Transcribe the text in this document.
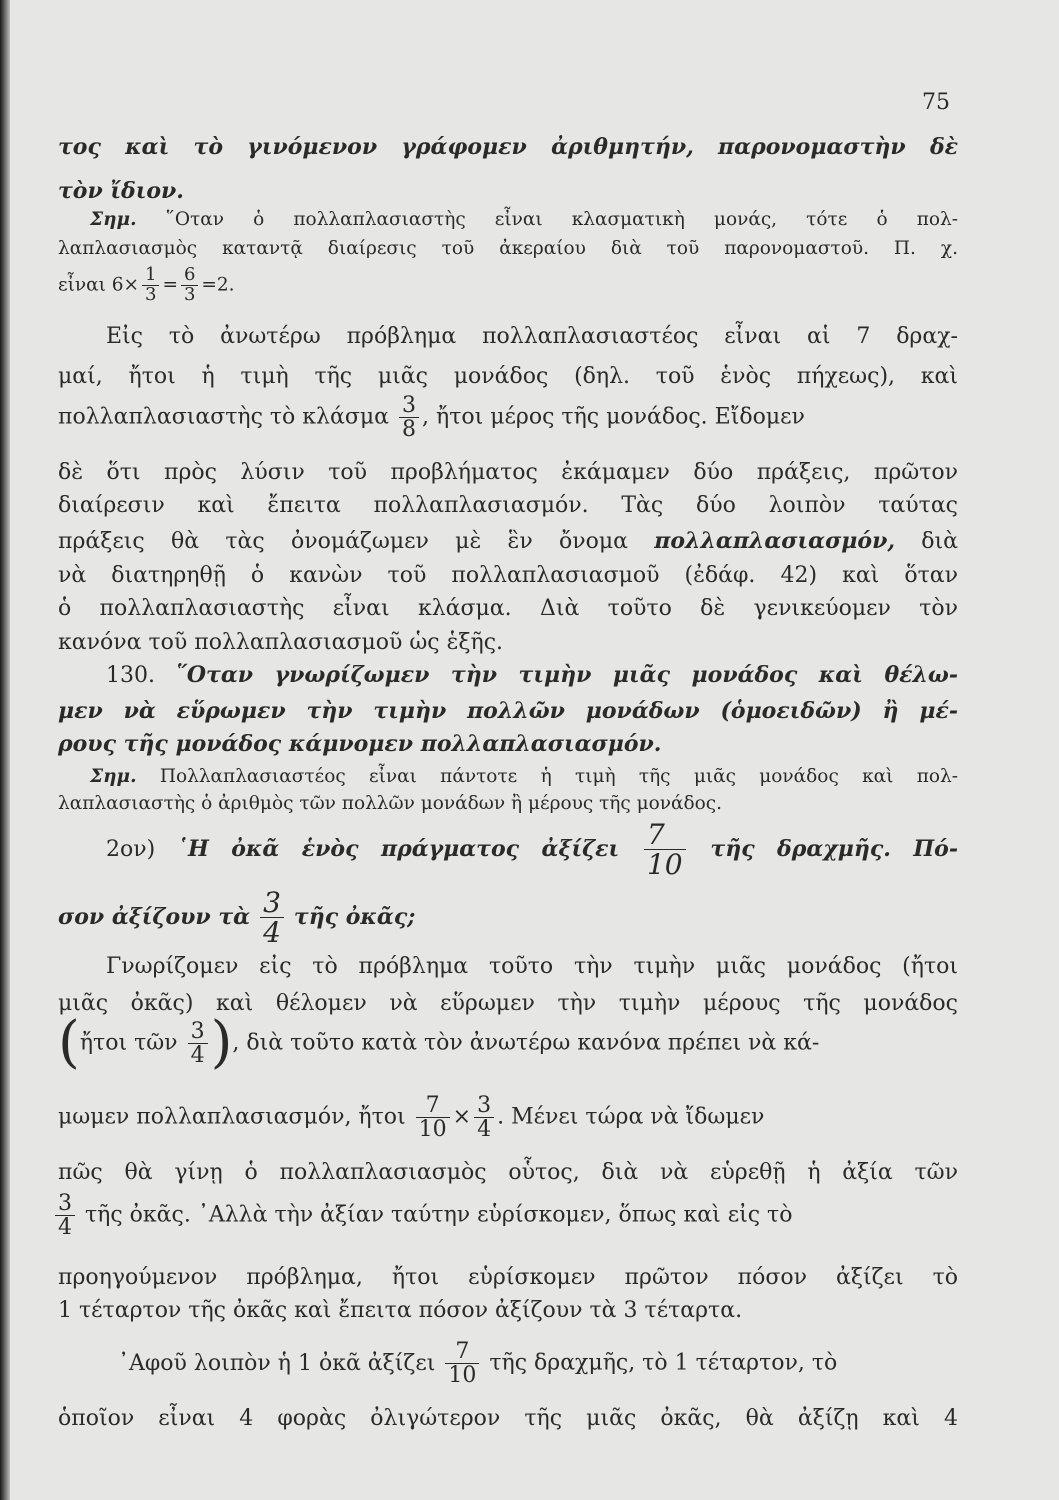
75
τος καὶ τὸ γινόμενον γράφομεν ἀριθμητήν, παρονομαστὴν δὲ
τὸν ἴδιον.
Σημ. ῞Οταν ὁ πολλαπλασιαστὴς εἶναι κλασματικὴ μονάς, τότε ὁ πολ-
λαπλασιασμὸς καταντᾷ διαίρεσις τοῦ ἀκεραίου διὰ τοῦ παρονομαστοῦ. Π. χ.
εἶναι $6\times \frac{1}{3} = \frac{6}{3} =2$.
Εἰς τὸ ἀνωτέρω πρόβλημα πολλαπλασιαστέος εἶναι αἱ 7 δραχ-
μαί, ἤτοι ἡ τιμὴ τῆς μιᾶς μονάδος (δηλ. τοῦ ἑνὸς πήχεως), καὶ
πολλαπλασιαστὴς τὸ κλάσμα $\frac{3}{8}$ , ἤτοι μέρος τῆς μονάδος. Εἴδομεν
δὲ ὅτι πρὸς λύσιν τοῦ προβλήματος ἐκάμαμεν δύο πράξεις, πρῶτον
διαίρεσιν καὶ ἔπειτα πολλαπλασιασμόν. Τὰς δύο λοιπὸν ταύτας
πράξεις θὰ τὰς ὀνομάζωμεν μὲ ἓν ὄνομα πολλαπλασιασμόν, διὰ
νὰ διατηρηθῇ ὁ κανὼν τοῦ πολλαπλασιασμοῦ (ἐδάφ. 42) καὶ ὅταν
ὁ πολλαπλασιαστὴς εἶναι κλάσμα. Διὰ τοῦτο δὲ γενικεύομεν τὸν
κανόνα τοῦ πολλαπλασιασμοῦ ὡς ἑξῆς.
130. ῞Οταν γνωρίζωμεν τὴν τιμὴν μιᾶς μονάδος καὶ θέλω-
μεν νὰ εὕρωμεν τὴν τιμὴν πολλῶν μονάδων (ὁμοειδῶν) ἢ μέ-
ρους τῆς μονάδος κάμνομεν πολλαπλασιασμόν.
Σημ. Πολλαπλασιαστέος εἶναι πάντοτε ἡ τιμὴ τῆς μιᾶς μονάδος καὶ πολ-
λαπλασιαστὴς ὁ ἀριθμὸς τῶν πολλῶν μονάδων ἢ μέρους τῆς μονάδος.
2ον) ῾Η ὀκᾶ ἑνὸς πράγματος ἀξίζει $\frac{7}{10}$ τῆς δραχμῆς. Πό-
σον ἀξίζουν τὰ $\frac{3}{4}$ τῆς ὀκᾶς;
Γνωρίζομεν εἰς τὸ πρόβλημα τοῦτο τὴν τιμὴν μιᾶς μονάδος (ἤτοι
μιᾶς ὀκᾶς) καὶ θέλομεν νὰ εὕρωμεν τὴν τιμὴν μέρους τῆς μονάδος
(ἤτοι τῶν $\frac{3}{4}$ ), διὰ τοῦτο κατὰ τὸν ἀνωτέρω κανόνα πρέπει νὰ κά-
μωμεν πολλαπλασιασμόν, ἤτοι $\frac{7}{10} \times \frac{3}{4}$ . Μένει τώρα νὰ ἴδωμεν
πῶς θὰ γίνῃ ὁ πολλαπλασιασμὸς οὗτος, διὰ νὰ εὑρεθῇ ἡ ἀξία τῶν
$\frac{3}{4}$ τῆς ὀκᾶς. ᾿Αλλὰ τὴν ἀξίαν ταύτην εὑρίσκομεν, ὅπως καὶ εἰς τὸ
προηγούμενον πρόβλημα, ἤτοι εὑρίσκομεν πρῶτον πόσον ἀξίζει τὸ
1 τέταρτον τῆς ὀκᾶς καὶ ἔπειτα πόσον ἀξίζουν τὰ 3 τέταρτα.
᾿Αφοῦ λοιπὸν ἡ 1 ὀκᾶ ἀξίζει $\frac{7}{10}$ τῆς δραχμῆς, τὸ 1 τέταρτον, τὸ
ὁποῖον εἶναι 4 φορὰς ὀλιγώτερον τῆς μιᾶς ὀκᾶς, θὰ ἀξίζῃ καὶ 4
